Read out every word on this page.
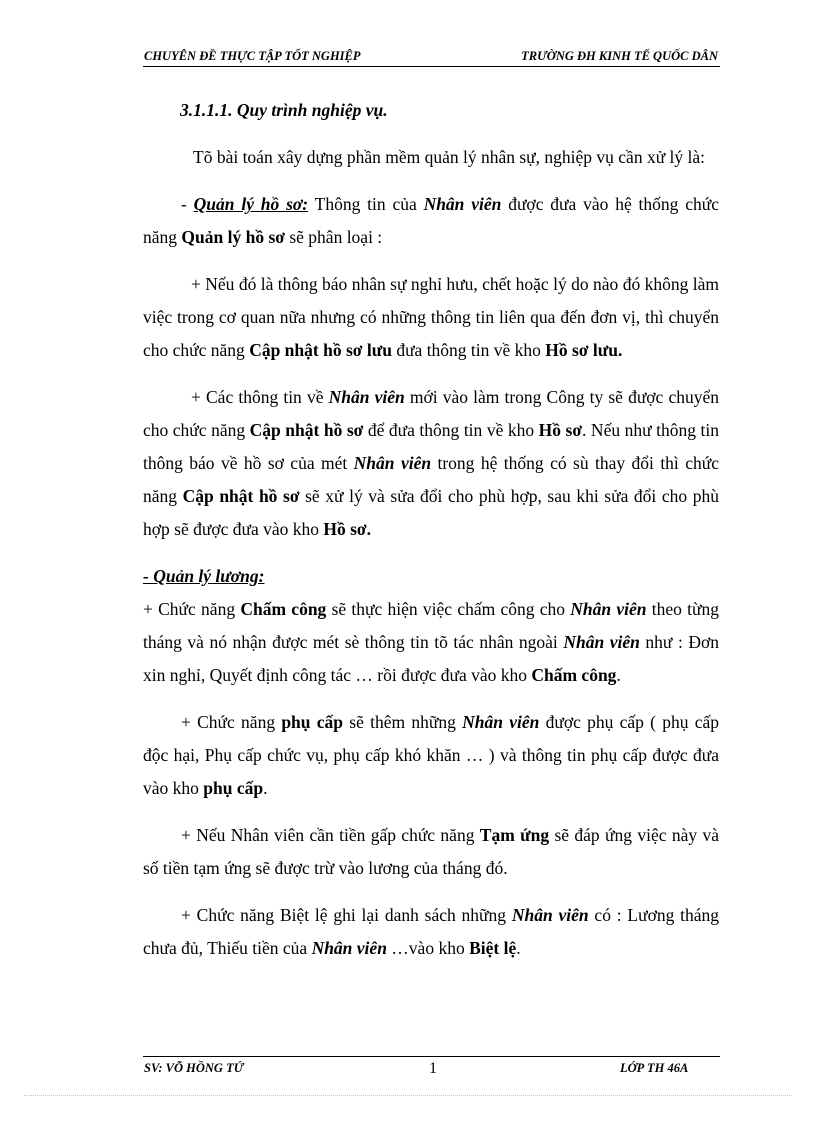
CHUYÊN ĐỀ THỰC TẬP TỐT NGHIỆP	TRƯỜNG ĐH KINH TẾ QUỐC DÂN

3.1.1.1. Quy trình nghiệp vụ.

Tõ bài toán xây dựng phần mềm quản lý nhân sự, nghiệp vụ cần xử lý là:

- Quản lý hồ sơ: Thông tin của Nhân viên được đưa vào hệ thống chức năng Quản lý hồ sơ sẽ phân loại :

+ Nếu đó là thông báo nhân sự nghỉ hưu, chết hoặc lý do nào đó không làm việc trong cơ quan nữa nhưng có những thông tin liên qua đến đơn vị, thì chuyển cho chức năng Cập nhật hồ sơ lưu đưa thông tin về kho Hồ sơ lưu.

+ Các thông tin về Nhân viên mới vào làm trong Công ty sẽ được chuyển cho chức năng Cập nhật hồ sơ để đưa thông tin về kho Hồ sơ. Nếu như thông tin thông báo về hồ sơ của mét Nhân viên trong hệ thống có sù thay đổi thì chức năng Cập nhật hồ sơ sẽ xử lý và sửa đổi cho phù hợp, sau khi sửa đổi cho phù hợp sẽ được đưa vào kho Hồ sơ.

- Quản lý lương:

+ Chức năng Chấm công sẽ thực hiện việc chấm công cho Nhân viên theo từng tháng và nó nhận được mét sè thông tin tõ tác nhân ngoài Nhân viên như : Đơn xin nghỉ, Quyết định công tác … rồi được đưa vào kho Chấm công.

+ Chức năng phụ cấp sẽ thêm những Nhân viên được phụ cấp ( phụ cấp độc hại, Phụ cấp chức vụ, phụ cấp khó khăn … ) và thông tin phụ cấp được đưa vào kho phụ cấp.

+ Nếu Nhân viên cần tiền gấp chức năng Tạm ứng sẽ đáp ứng việc này và số tiền tạm ứng sẽ được trừ vào lương của tháng đó.

+ Chức năng Biệt lệ ghi lại danh sách những Nhân viên có : Lương tháng chưa đủ, Thiếu tiền của Nhân viên …vào kho Biệt lệ.

SV: VÕ HỒNG TỨ	1	LỚP TH 46A
